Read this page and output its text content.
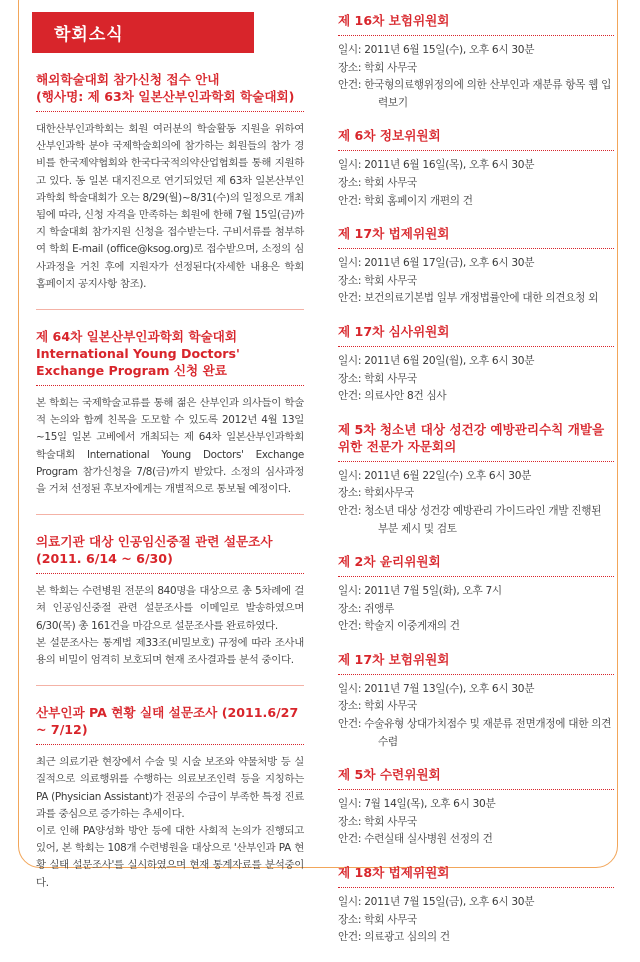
학회소식
해외학술대회 참가신청 접수 안내
(행사명: 제 63차 일본산부인과학회 학술대회)

대한산부인과학회는 회원 여러분의 학술활동 지원을 위하여 산부인과학 분야 국제학술회의에 참가하는 회원들의 참가 경비를 한국제약협회와 한국다국적의약산업협회를 통해 지원하고 있다. 동 일본 대지진으로 연기되었던 제 63차 일본산부인과학회 학술대회가 오는 8/29(월)~8/31(수)의 일정으로 개최됨에 따라, 신청 자격을 만족하는 회원에 한해 7월 15일(금)까지 학술대회 참가지원 신청을 접수받는다. 구비서류를 첨부하여 학회 E-mail (office@ksog.org)로 접수받으며, 소정의 심사과정을 거친 후에 지원자가 선정된다(자세한 내용은 학회 홈페이지 공지사항 참조).

제 64차 일본산부인과학회 학술대회 International Young Doctors' Exchange Program 신청 완료

본 학회는 국제학술교류를 통해 젊은 산부인과 의사들이 학술적 논의와 함께 친목을 도모할 수 있도록 2012년 4월 13일~15일 일본 고베에서 개최되는 제 64차 일본산부인과학회 학술대회 International Young Doctors' Exchange Program 참가신청을 7/8(금)까지 받았다. 소정의 심사과정을 거쳐 선정된 후보자에게는 개별적으로 통보될 예정이다.

의료기관 대상 인공임신중절 관련 설문조사
(2011. 6/14 ~ 6/30)

본 학회는 수련병원 전문의 840명을 대상으로 총 5차례에 걸쳐 인공임신중절 관련 설문조사를 이메일로 발송하였으며 6/30(목) 총 161건을 마감으로 설문조사를 완료하였다.

본 설문조사는 통계법 제33조(비밀보호) 규정에 따라 조사내용의 비밀이 엄격히 보호되며 현재 조사결과를 분석 중이다.

산부인과 PA 현황 실태 설문조사 (2011.6/27 ~ 7/12)

최근 의료기관 현장에서 수술 및 시술 보조와 약물처방 등 실질적으로 의료행위를 수행하는 의료보조인력 등을 지칭하는 PA (Physician Assistant)가 전공의 수급이 부족한 특정 진료과를 중심으로 증가하는 추세이다.

이로 인해 PA양성화 방안 등에 대한 사회적 논의가 진행되고 있어, 본 학회는 108개 수련병원을 대상으로 '산부인과 PA 현황 실태 설문조사'를 실시하였으며 현재 통계자료를 분석중이다.

제 16차 보험위원회
일시: 2011년 6월 15일(수), 오후 6시 30분
장소: 학회 사무국
안건: 한국형의료행위정의에 의한 산부인과 재분류 항목 웹 입력보기
제 6차 정보위원회
일시: 2011년 6월 16일(목), 오후 6시 30분
장소: 학회 사무국
안건: 학회 홈페이지 개편의 건
제 17차 법제위원회
일시: 2011년 6월 17일(금), 오후 6시 30분
장소: 학회 사무국
안건: 보건의료기본법 일부 개정법률안에 대한 의견요청 외
제 17차 심사위원회
일시: 2011년 6월 20일(월), 오후 6시 30분
장소: 학회 사무국
안건: 의료사안 8건 심사
제 5차 청소년 대상 성건강 예방관리수칙 개발을 위한 전문가 자문회의
일시: 2011년 6월 22일(수) 오후 6시 30분
장소: 학회사무국
안건: 청소년 대상 성건강 예방관리 가이드라인 개발 진행된 부분 제시 및 검토
제 2차 윤리위원회
일시: 2011년 7월 5일(화), 오후 7시
장소: 쥐앵루
안건: 학술지 이중게재의 건
제 17차 보험위원회
일시: 2011년 7월 13일(수), 오후 6시 30분
장소: 학회 사무국
안건: 수술유형 상대가치점수 및 재분류 전면개정에 대한 의견 수렴
제 5차 수련위원회
일시: 7월 14일(목), 오후 6시 30분
장소: 학회 사무국
안건: 수련실태 실사병원 선정의 건
제 18차 법제위원회
일시: 2011년 7월 15일(금), 오후 6시 30분
장소: 학회 사무국
안건: 의료광고 심의의 건
